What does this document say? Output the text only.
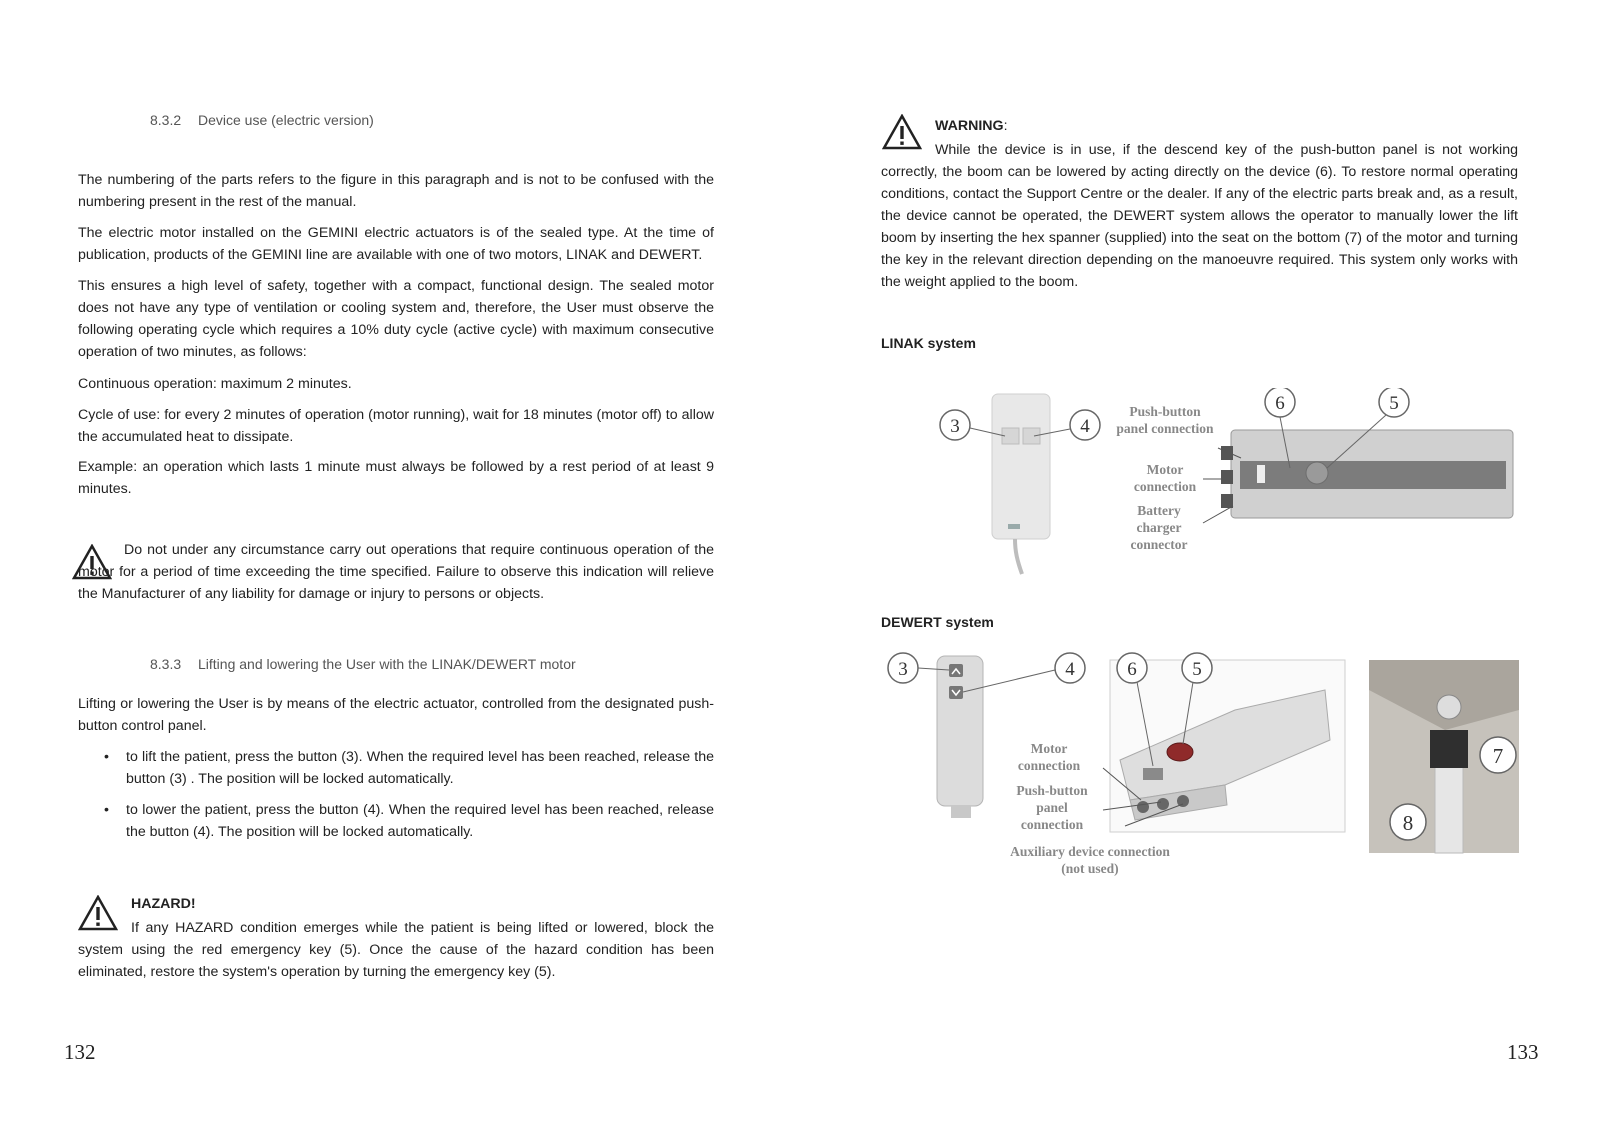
8.3.2 Device use (electric version)
The numbering of the parts refers to the figure in this paragraph and is not to be confused with the numbering present in the rest of the manual.
The electric motor installed on the GEMINI electric actuators is of the sealed type. At the time of publication, products of the GEMINI line are available with one of two motors, LINAK and DEWERT.
This ensures a high level of safety, together with a compact, functional design. The sealed motor does not have any type of ventilation or cooling system and, therefore, the User must observe the following operating cycle which requires a 10% duty cycle (active cycle) with maximum consecutive operation of two minutes, as follows:
Continuous operation: maximum 2 minutes.
Cycle of use: for every 2 minutes of operation (motor running), wait for 18 minutes (motor off) to allow the accumulated heat to dissipate.
Example: an operation which lasts 1 minute must always be followed by a rest period of at least 9 minutes.
Do not under any circumstance carry out operations that require continuous operation of the motor for a period of time exceeding the time specified. Failure to observe this indication will relieve the Manufacturer of any liability for damage or injury to persons or objects.
8.3.3 Lifting and lowering the User with the LINAK/DEWERT motor
Lifting or lowering the User is by means of the electric actuator, controlled from the designated push-button control panel.
• to lift the patient, press the button (3). When the required level has been reached, release the button (3) . The position will be locked automatically.
• to lower the patient, press the button (4). When the required level has been reached, release the button (4). The position will be locked automatically.
HAZARD!
If any HAZARD condition emerges while the patient is being lifted or lowered, block the system using the red emergency key (5). Once the cause of the hazard condition has been eliminated, restore the system's operation by turning the emergency key (5).
132
WARNING:
While the device is in use, if the descend key of the push-button panel is not working correctly, the boom can be lowered by acting directly on the device (6). To restore normal operating conditions, contact the Support Centre or the dealer. If any of the electric parts break and, as a result, the device cannot be operated, the DEWERT system allows the operator to manually lower the lift boom by inserting the hex spanner (supplied) into the seat on the bottom (7) of the motor and turning the key in the relevant direction depending on the manoeuvre required. This system only works with the weight applied to the boom.
LINAK system
3	4
6	5
Push-button panel connection
Motor connection
Battery charger connector
DEWERT system
3	4	6	5
7
8
Motor connection
Push-button panel connection
Auxiliary device connection (not used)
133
